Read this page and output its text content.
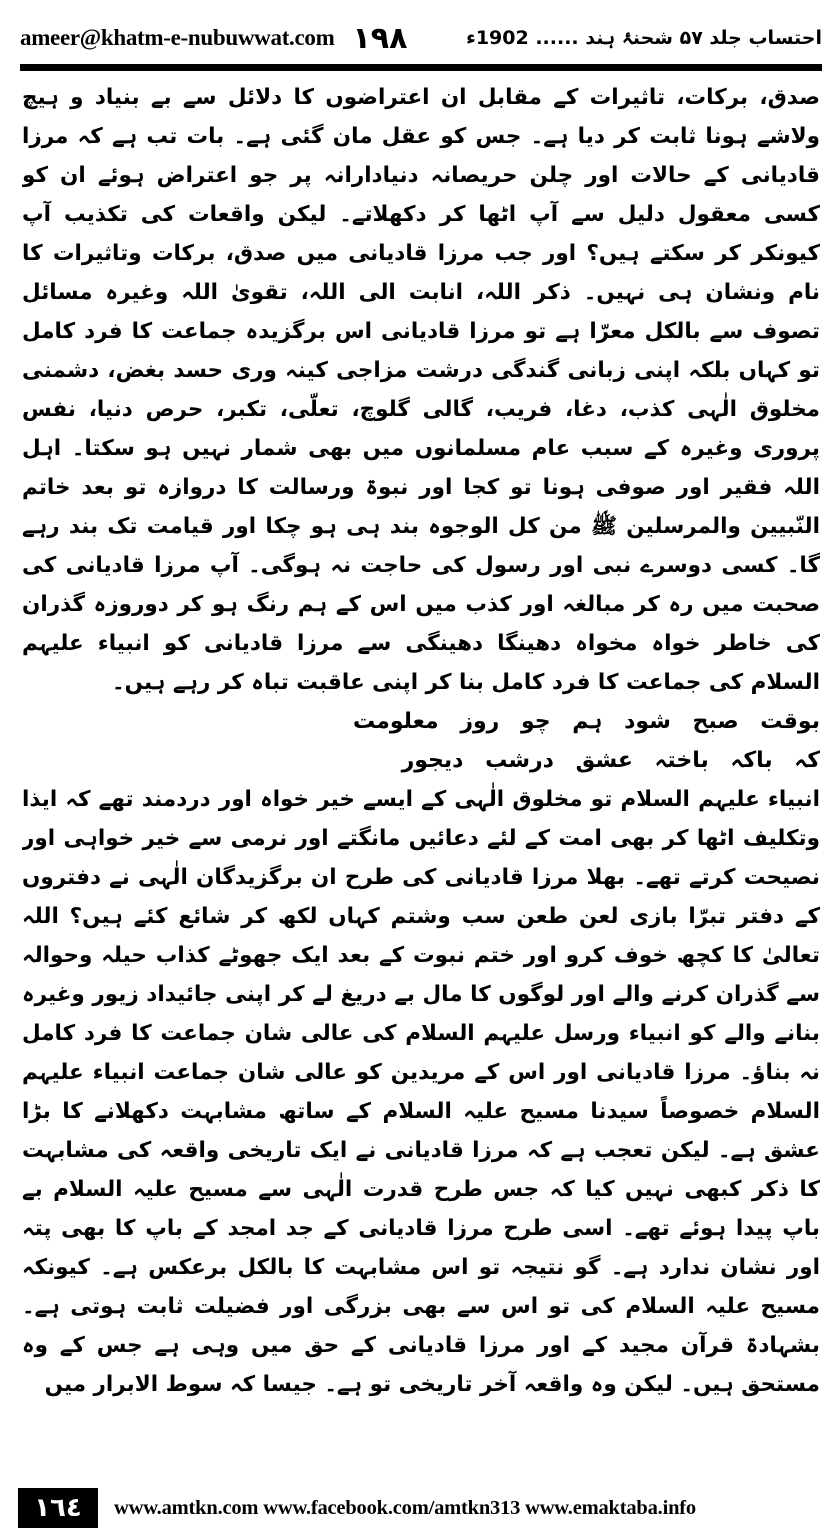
ameer@khatm-e-nubuwwat.com ١٩٨	احتساب جلد ۵۷ شحنۂ ہند ...... 1902ء

صدق، برکات، تاثیرات کے مقابل ان اعتراضوں کا دلائل سے بے بنیاد و ہیچ ولاشے ہونا ثابت کر دیا ہے۔ جس کو عقل مان گئی ہے۔ بات تب ہے کہ مرزا قادیانی کے حالات اور چلن حریصانہ دنیادارانہ پر جو اعتراض ہوئے ان کو کسی معقول دلیل سے آپ اٹھا کر دکھلاتے۔ لیکن واقعات کی تکذیب آپ کیونکر کر سکتے ہیں؟ اور جب مرزا قادیانی میں صدق، برکات وتاثیرات کا نام ونشان ہی نہیں۔ ذکر اللہ، انابت الی اللہ، تقویٰ اللہ وغیرہ مسائل تصوف سے بالکل معرّا ہے تو مرزا قادیانی اس برگزیدہ جماعت کا فرد کامل تو کہاں بلکہ اپنی زبانی گندگی درشت مزاجی کینہ وری حسد بغض، دشمنی مخلوق الٰہی کذب، دغا، فریب، گالی گلوچ، تعلّی، تکبر، حرص دنیا، نفس پروری وغیرہ کے سبب عام مسلمانوں میں بھی شمار نہیں ہو سکتا۔ اہل اللہ فقیر اور صوفی ہونا تو کجا اور نبوۃ ورسالت کا دروازہ تو بعد خاتم النّبیین والمرسلین ﷺ من کل الوجوہ بند ہی ہو چکا اور قیامت تک بند رہے گا۔ کسی دوسرے نبی اور رسول کی حاجت نہ ہوگی۔ آپ مرزا قادیانی کی صحبت میں رہ کر مبالغہ اور کذب میں اس کے ہم رنگ ہو کر دوروزہ گذران کی خاطر خواہ مخواہ دھینگا دھینگی سے مرزا قادیانی کو انبیاء علیہم السلام کی جماعت کا فرد کامل بنا کر اپنی عاقبت تباہ کر رہے ہیں۔

بوقت صبح شود ہم چو روز معلومت
کہ باکہ باختہ عشق درشب دیجور

انبیاء علیہم السلام تو مخلوق الٰہی کے ایسے خیر خواہ اور دردمند تھے کہ ایذا وتکلیف اٹھا کر بھی امت کے لئے دعائیں مانگتے اور نرمی سے خیر خواہی اور نصیحت کرتے تھے۔ بھلا مرزا قادیانی کی طرح ان برگزیدگان الٰہی نے دفتروں کے دفتر تبرّا بازی لعن طعن سب وشتم کہاں لکھ کر شائع کئے ہیں؟ اللہ تعالیٰ کا کچھ خوف کرو اور ختم نبوت کے بعد ایک جھوٹے کذاب حیلہ وحوالہ سے گذران کرنے والے اور لوگوں کا مال بے دریغ لے کر اپنی جائیداد زیور وغیرہ بنانے والے کو انبیاء ورسل علیہم السلام کی عالی شان جماعت کا فرد کامل نہ بناؤ۔ مرزا قادیانی اور اس کے مریدین کو عالی شان جماعت انبیاء علیہم السلام خصوصاً سیدنا مسیح علیہ السلام کے ساتھ مشابہت دکھلانے کا بڑا عشق ہے۔ لیکن تعجب ہے کہ مرزا قادیانی نے ایک تاریخی واقعہ کی مشابہت کا ذکر کبھی نہیں کیا کہ جس طرح قدرت الٰہی سے مسیح علیہ السلام بے باپ پیدا ہوئے تھے۔ اسی طرح مرزا قادیانی کے جد امجد کے باپ کا بھی پتہ اور نشان ندارد ہے۔ گو نتیجہ تو اس مشابہت کا بالکل برعکس ہے۔ کیونکہ مسیح علیہ السلام کی تو اس سے بھی بزرگی اور فضیلت ثابت ہوتی ہے۔ بشہادۃ قرآن مجید کے اور مرزا قادیانی کے حق میں وہی ہے جس کے وہ مستحق ہیں۔ لیکن وہ واقعہ آخر تاریخی تو ہے۔ جیسا کہ سوط الابرار میں

١٦٤	www.amtkn.com www.facebook.com/amtkn313 www.emaktaba.info
